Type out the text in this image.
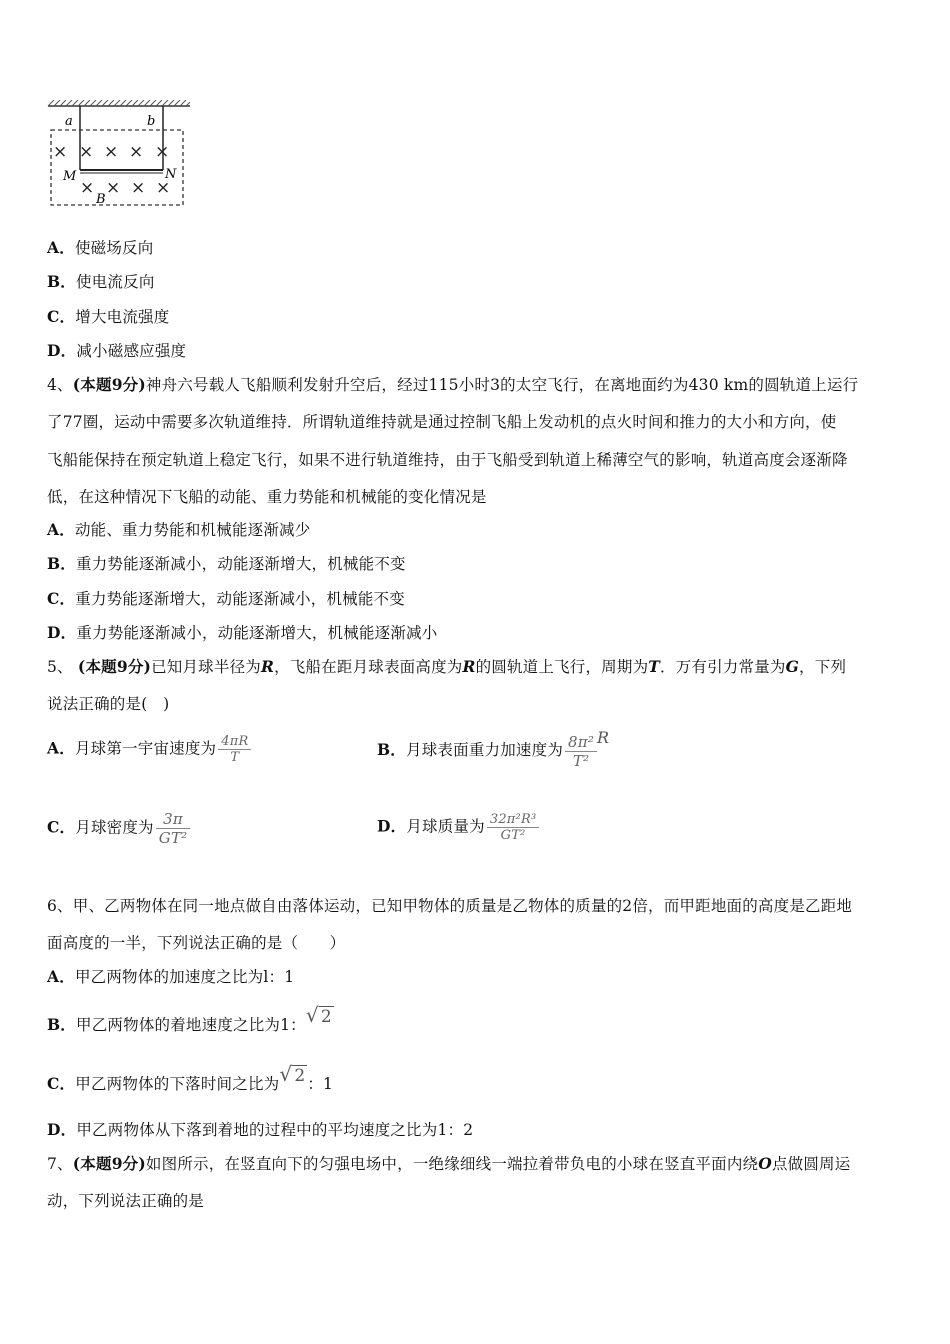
a	b
M	N
B
× × × × ×
× × × ×
A．使磁场反向
B．使电流反向
C．增大电流强度
D．减小磁感应强度
4、(本题9分)神舟六号载人飞船顺利发射升空后，经过115小时3的太空飞行，在离地面约为430 km的圆轨道上运行
了77圈，运动中需要多次轨道维持．所谓轨道维持就是通过控制飞船上发动机的点火时间和推力的大小和方向，使
飞船能保持在预定轨道上稳定飞行，如果不进行轨道维持，由于飞船受到轨道上稀薄空气的影响，轨道高度会逐渐降
低，在这种情况下飞船的动能、重力势能和机械能的变化情况是
A．动能、重力势能和机械能逐渐减少
B．重力势能逐渐减小，动能逐渐增大，机械能不变
C．重力势能逐渐增大，动能逐渐减小，机械能不变
D．重力势能逐渐减小，动能逐渐增大，机械能逐渐减小
5、 (本题9分)已知月球半径为R，飞船在距月球表面高度为R的圆轨道上飞行，周期为T．万有引力常量为G，下列
说法正确的是(　)
A．月球第一宇宙速度为 $\frac{4\pi R}{T}$	B．月球表面重力加速度为 $\frac{\text{8π²}}{\text{T²}}$ R
C．月球密度为 $\frac{3\pi}{\text{GT²}}$	D．月球质量为 $\frac{\text{32π²R³}}{\text{GT²}}$
6、甲、乙两物体在同一地点做自由落体运动，已知甲物体的质量是乙物体的质量的2倍，而甲距地面的高度是乙距地
面高度的一半，下列说法正确的是（　　）
A．甲乙两物体的加速度之比为l：1
B．甲乙两物体的着地速度之比为1：√ 2
C．甲乙两物体的下落时间之比为√ 2 ：1
D．甲乙两物体从下落到着地的过程中的平均速度之比为1：2
7、(本题9分)如图所示，在竖直向下的匀强电场中，一绝缘细线一端拉着带负电的小球在竖直平面内绕O点做圆周运
动，下列说法正确的是
